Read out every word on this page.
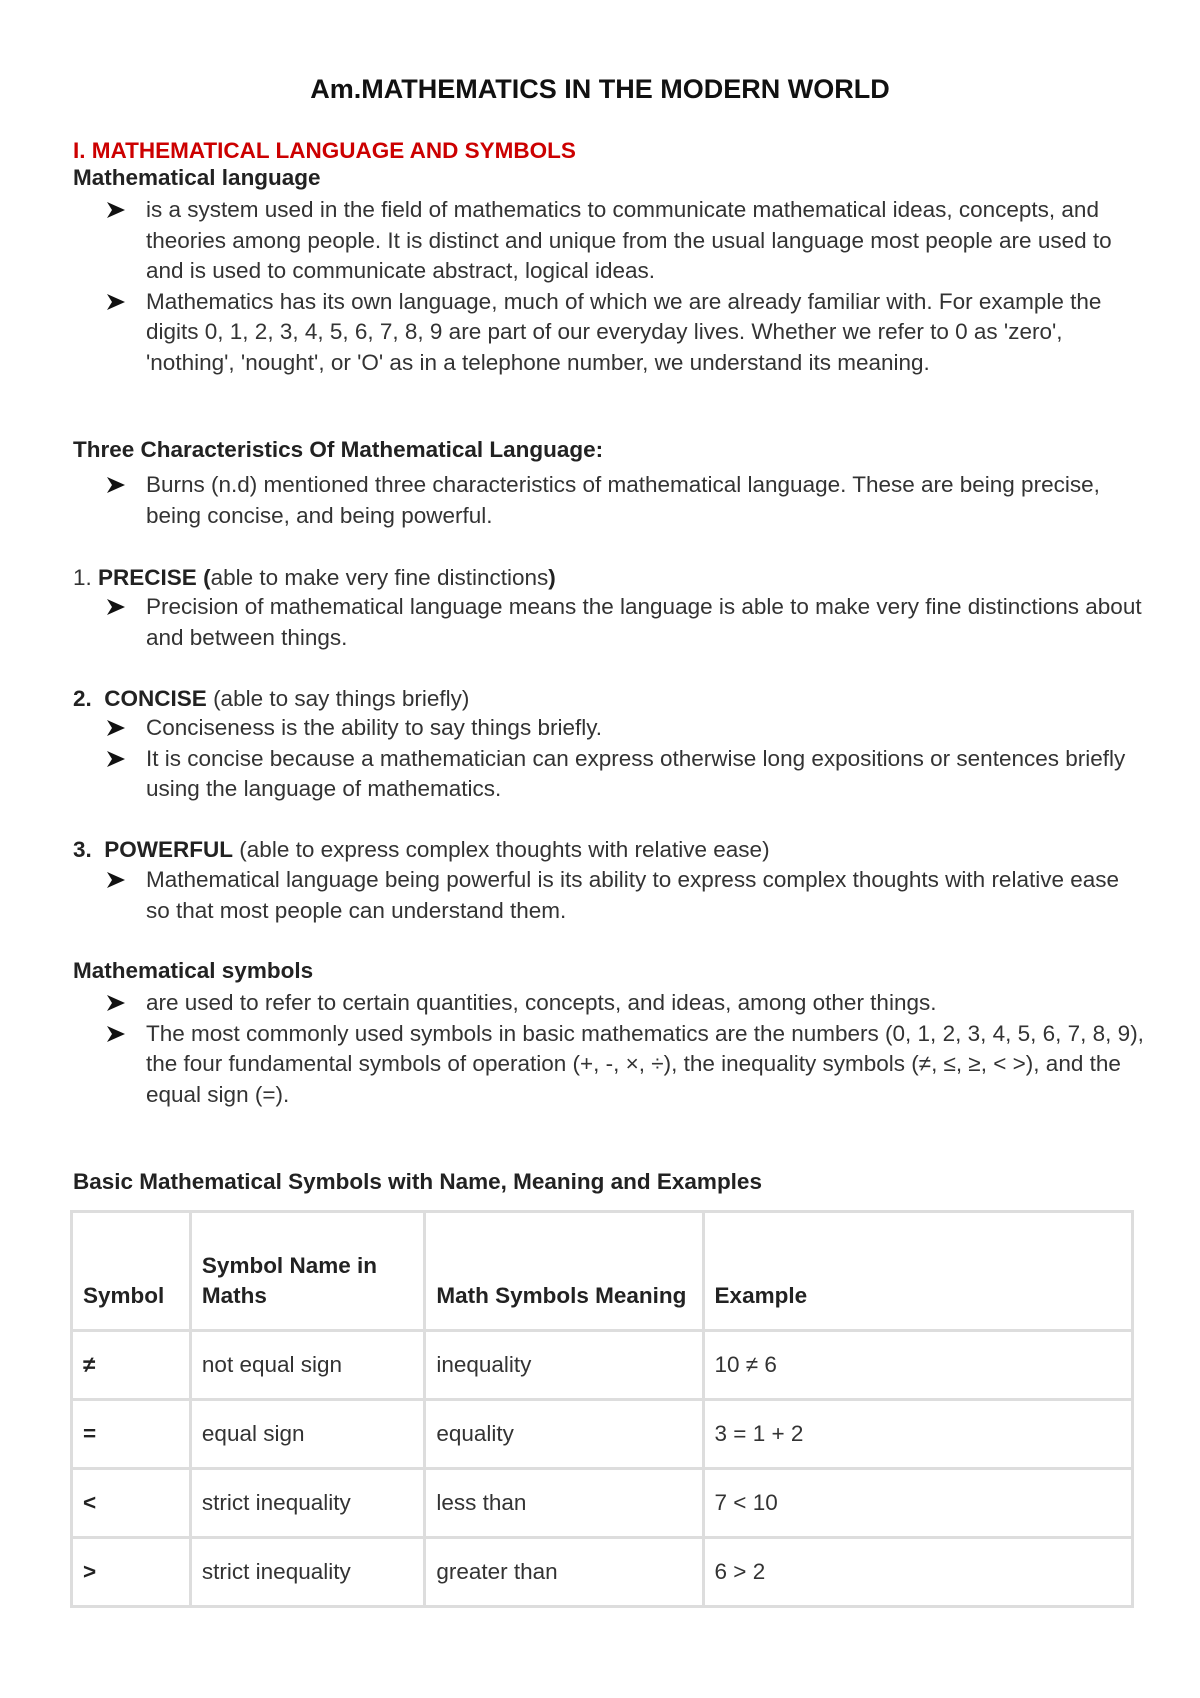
Am.MATHEMATICS IN THE MODERN WORLD
I. MATHEMATICAL LANGUAGE AND SYMBOLS
Mathematical language
is a system used in the field of mathematics to communicate mathematical ideas, concepts, and theories among people. It is distinct and unique from the usual language most people are used to and is used to communicate abstract, logical ideas.
Mathematics has its own language, much of which we are already familiar with. For example the digits 0, 1, 2, 3, 4, 5, 6, 7, 8, 9 are part of our everyday lives. Whether we refer to 0 as 'zero', 'nothing', 'nought', or 'O' as in a telephone number, we understand its meaning.
Three Characteristics Of Mathematical Language:
Burns (n.d) mentioned three characteristics of mathematical language. These are being precise, being concise, and being powerful.

1. PRECISE (able to make very fine distinctions)

Precision of mathematical language means the language is able to make very fine distinctions about and between things.

2. CONCISE (able to say things briefly)

Conciseness is the ability to say things briefly.
It is concise because a mathematician can express otherwise long expositions or sentences briefly using the language of mathematics.

3. POWERFUL (able to express complex thoughts with relative ease)

Mathematical language being powerful is its ability to express complex thoughts with relative ease so that most people can understand them.
Mathematical symbols
are used to refer to certain quantities, concepts, and ideas, among other things.
The most commonly used symbols in basic mathematics are the numbers (0, 1, 2, 3, 4, 5, 6, 7, 8, 9), the four fundamental symbols of operation (+, -, ×, ÷), the inequality symbols (≠, ≤, ≥, < >), and the equal sign (=).
Basic Mathematical Symbols with Name, Meaning and Examples
Symbol	Symbol Name in Maths	Math Symbols Meaning	Example
≠	not equal sign	inequality	10 ≠ 6
=	equal sign	equality	3 = 1 + 2
<	strict inequality	less than	7 < 10
>	strict inequality	greater than	6 > 2
